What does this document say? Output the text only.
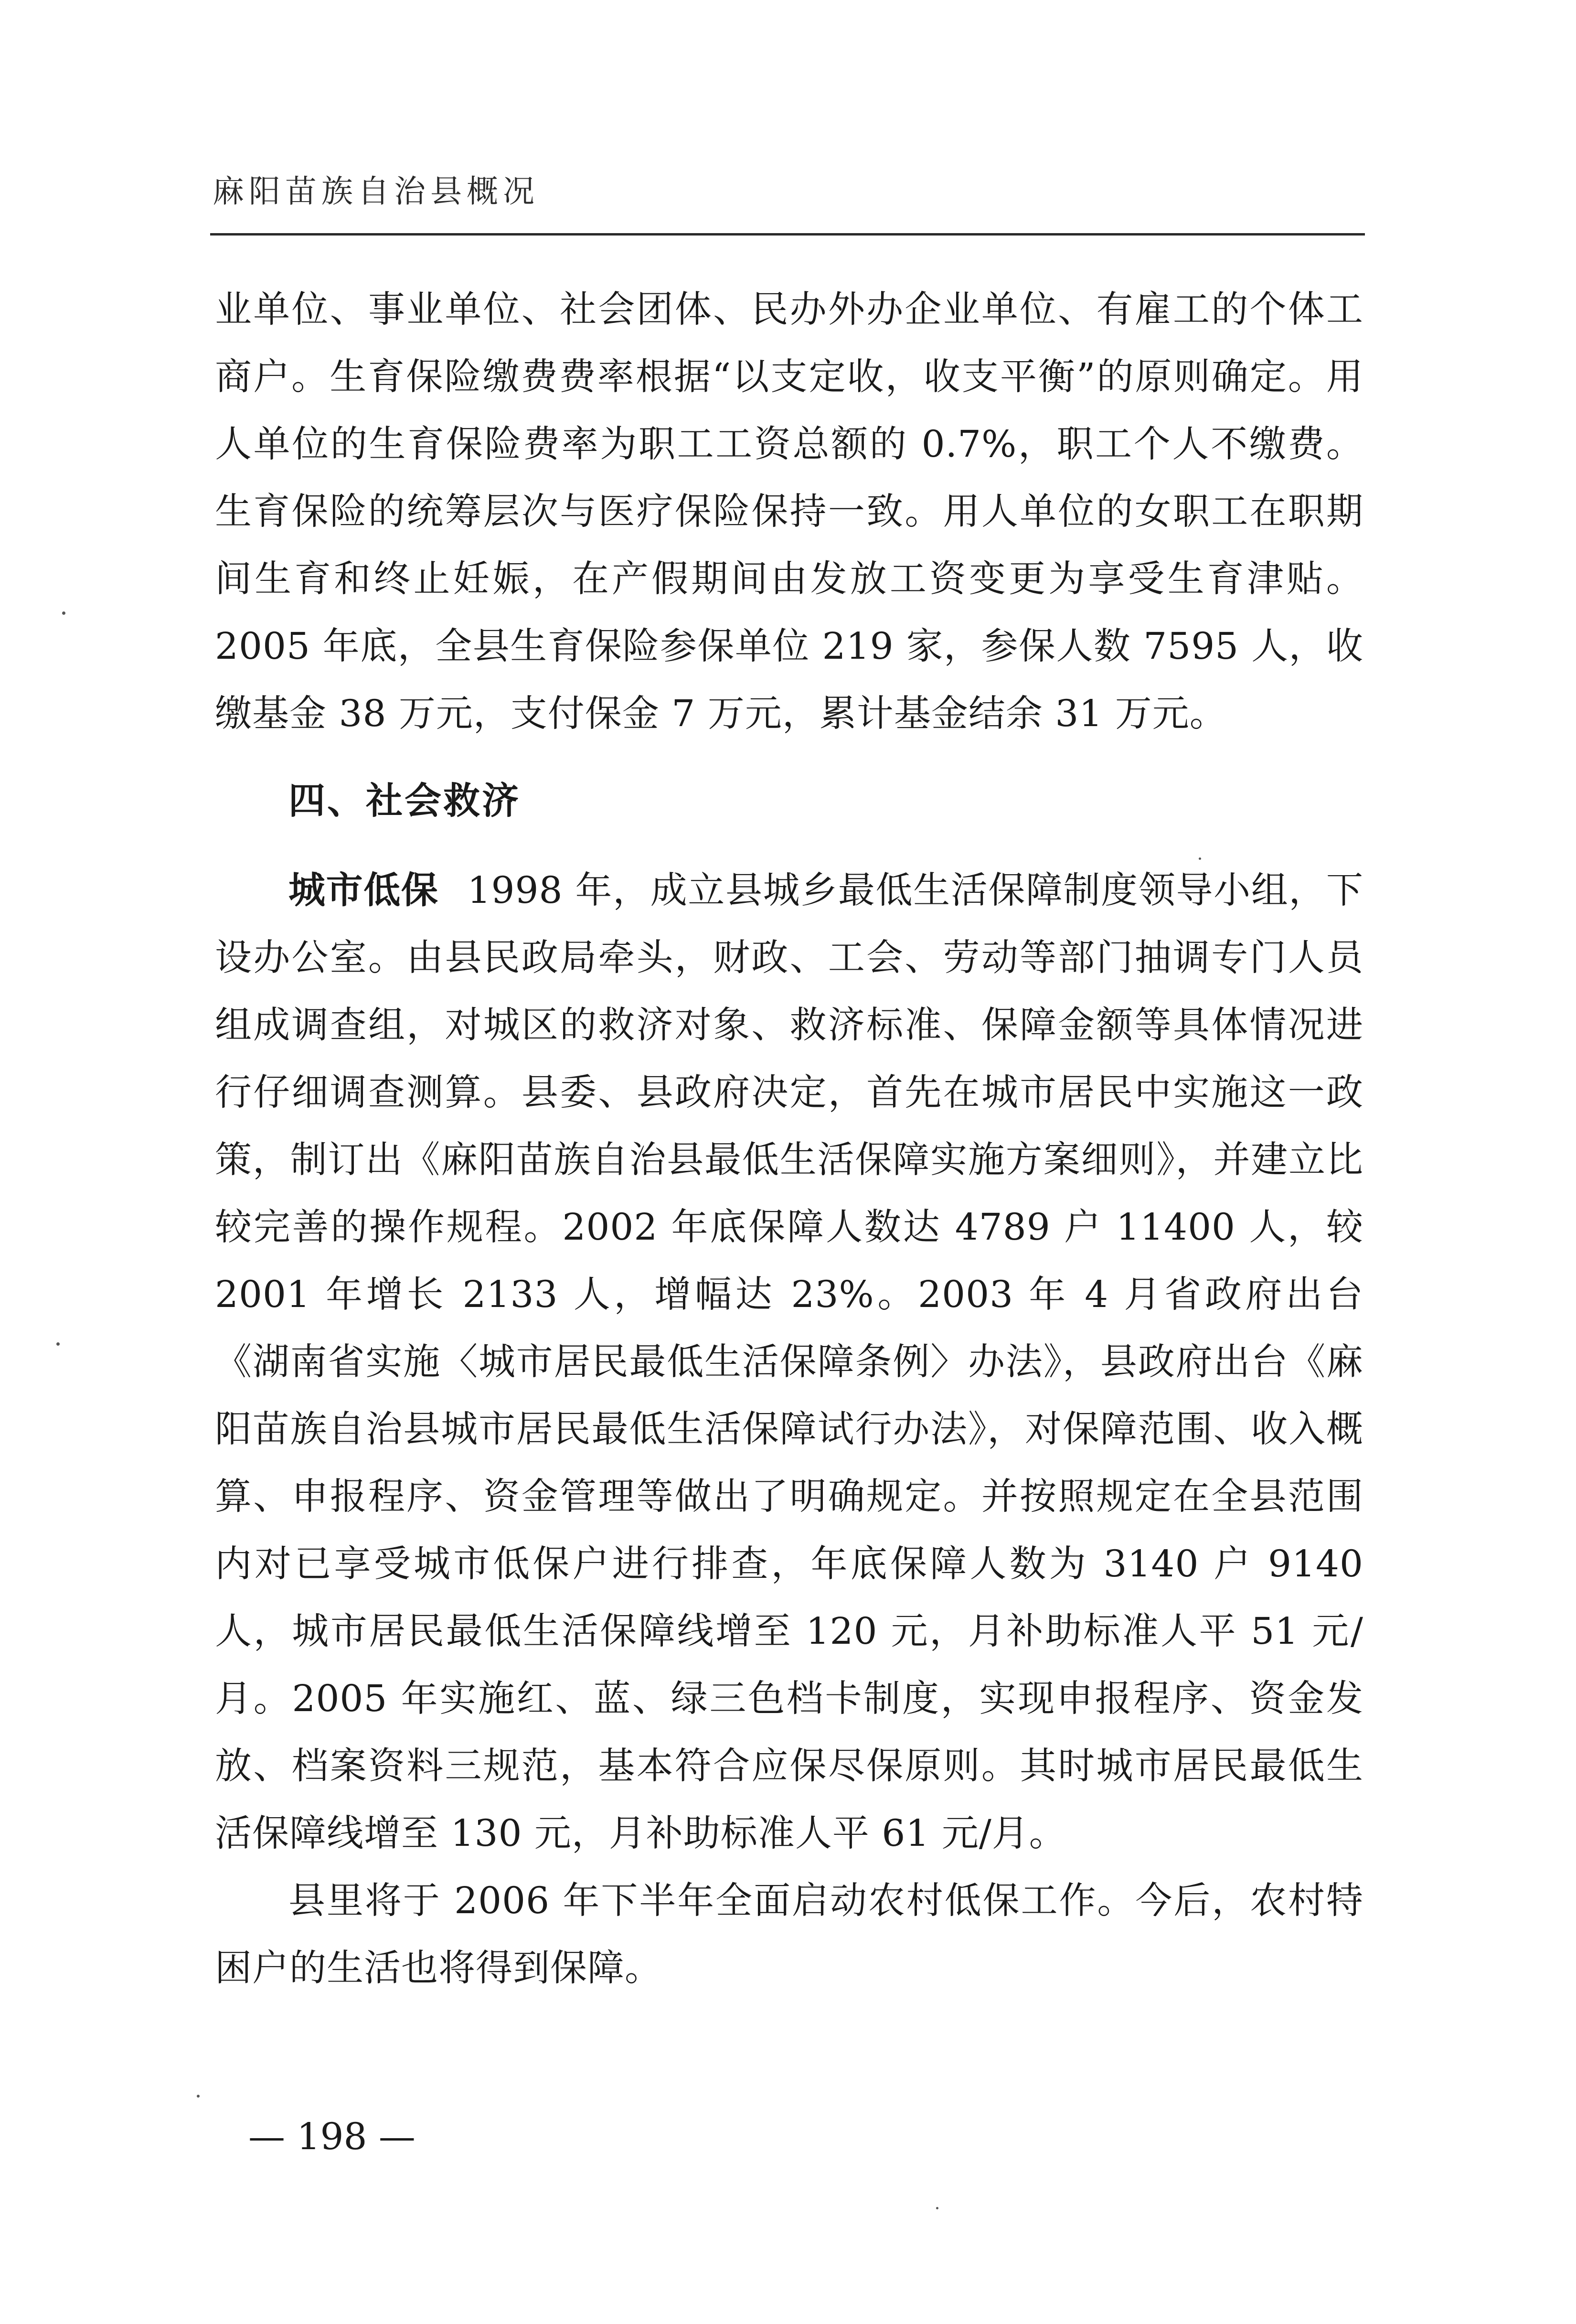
麻阳苗族自治县概况

业单位、事业单位、社会团体、民办外办企业单位、有雇工的个体工商户。生育保险缴费费率根据“以支定收，收支平衡”的原则确定。用人单位的生育保险费率为职工工资总额的 0.7%，职工个人不缴费。生育保险的统筹层次与医疗保险保持一致。用人单位的女职工在职期间生育和终止妊娠，在产假期间由发放工资变更为享受生育津贴。2005 年底，全县生育保险参保单位 219 家，参保人数 7595 人，收缴基金 38 万元，支付保金 7 万元，累计基金结余 31 万元。

四、社会救济

城市低保 1998 年，成立县城乡最低生活保障制度领导小组，下设办公室。由县民政局牵头，财政、工会、劳动等部门抽调专门人员组成调查组，对城区的救济对象、救济标准、保障金额等具体情况进行仔细调查测算。县委、县政府决定，首先在城市居民中实施这一政策，制订出《麻阳苗族自治县最低生活保障实施方案细则》，并建立比较完善的操作规程。2002 年底保障人数达 4789 户 11400 人，较 2001 年增长 2133 人，增幅达 23%。2003 年 4 月省政府出台《湖南省实施〈城市居民最低生活保障条例〉办法》，县政府出台《麻阳苗族自治县城市居民最低生活保障试行办法》，对保障范围、收入概算、申报程序、资金管理等做出了明确规定。并按照规定在全县范围内对已享受城市低保户进行排查，年底保障人数为 3140 户 9140 人，城市居民最低生活保障线增至 120 元，月补助标准人平 51 元/月。2005 年实施红、蓝、绿三色档卡制度，实现申报程序、资金发放、档案资料三规范，基本符合应保尽保原则。其时城市居民最低生活保障线增至 130 元，月补助标准人平 61 元/月。

县里将于 2006 年下半年全面启动农村低保工作。今后，农村特困户的生活也将得到保障。

— 198 —
